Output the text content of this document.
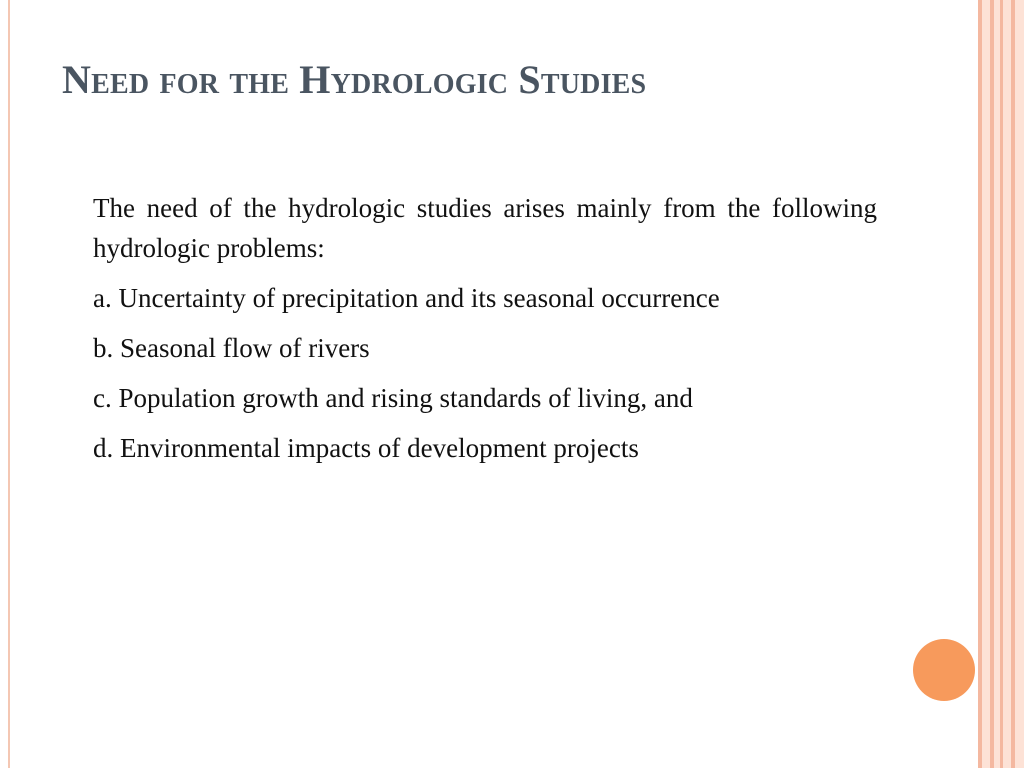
Need for the Hydrologic Studies

The need of the hydrologic studies arises mainly from the following hydrologic problems:

a. Uncertainty of precipitation and its seasonal occurrence

b. Seasonal flow of rivers

c. Population growth and rising standards of living, and

d. Environmental impacts of development projects
